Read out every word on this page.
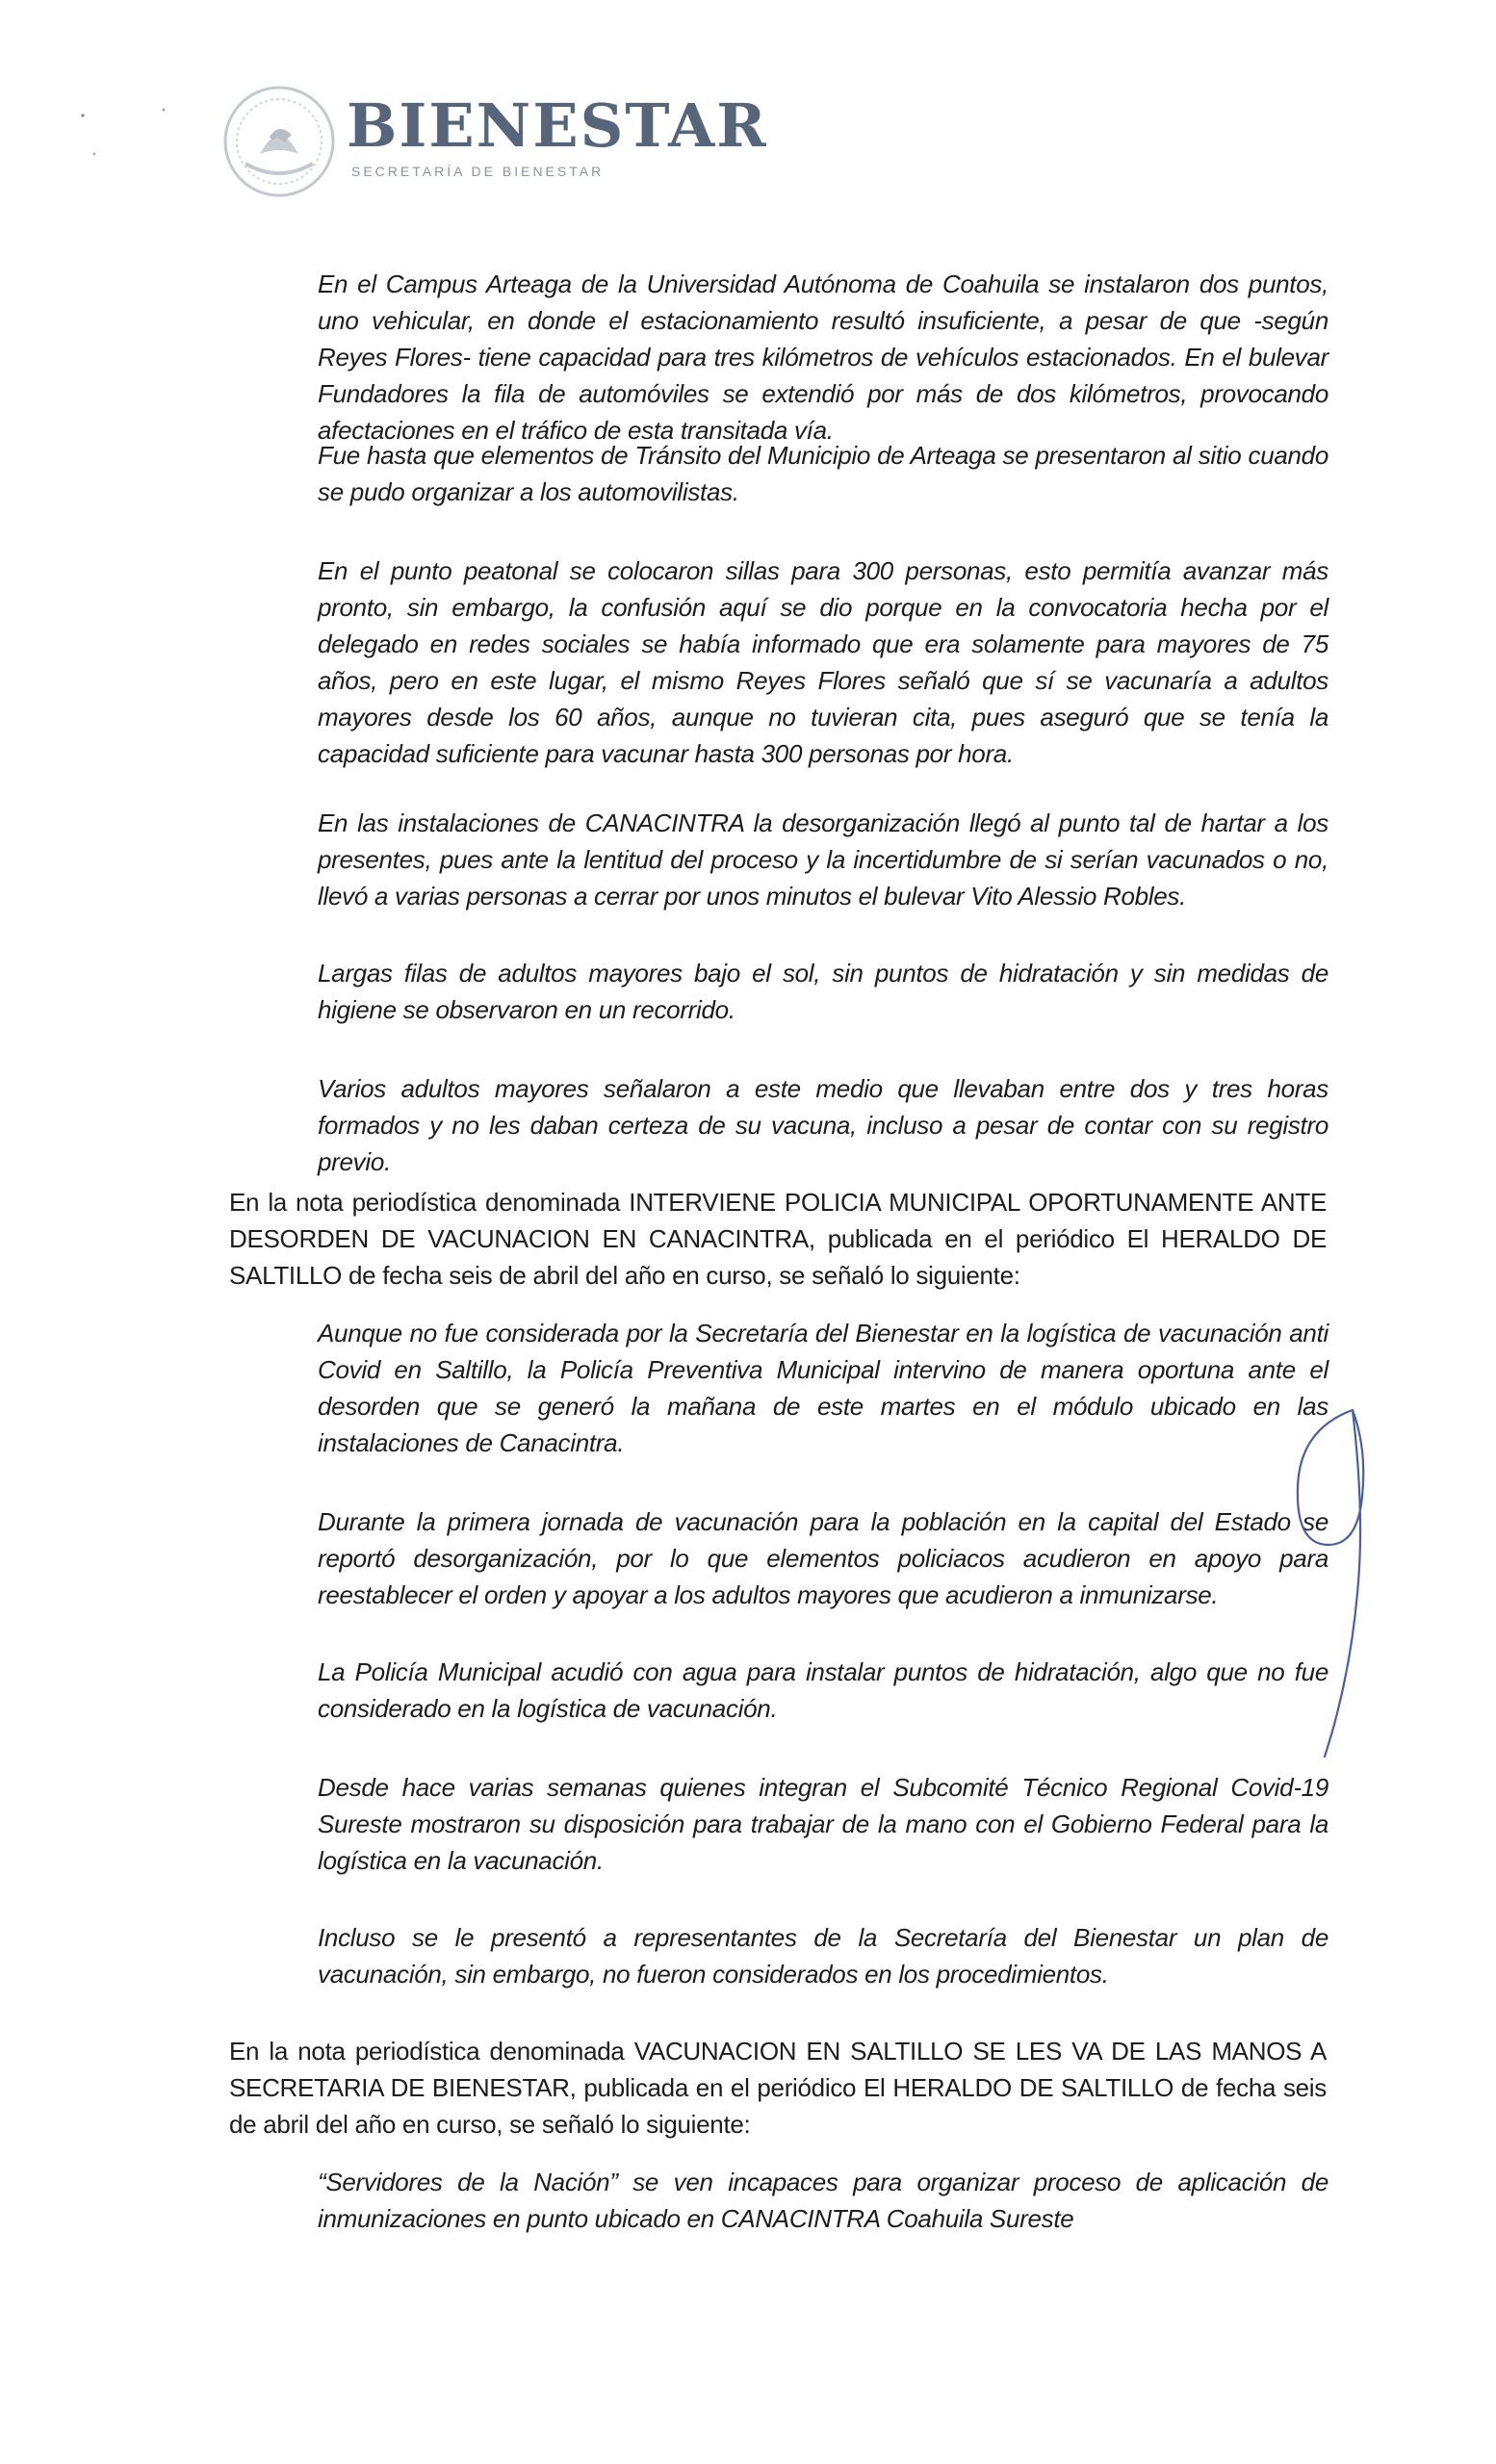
BIENESTAR
SECRETARÍA DE BIENESTAR

En el Campus Arteaga de la Universidad Autónoma de Coahuila se instalaron dos puntos, uno vehicular, en donde el estacionamiento resultó insuficiente, a pesar de que -según Reyes Flores- tiene capacidad para tres kilómetros de vehículos estacionados. En el bulevar Fundadores la fila de automóviles se extendió por más de dos kilómetros, provocando afectaciones en el tráfico de esta transitada vía.

Fue hasta que elementos de Tránsito del Municipio de Arteaga se presentaron al sitio cuando se pudo organizar a los automovilistas.

En el punto peatonal se colocaron sillas para 300 personas, esto permitía avanzar más pronto, sin embargo, la confusión aquí se dio porque en la convocatoria hecha por el delegado en redes sociales se había informado que era solamente para mayores de 75 años, pero en este lugar, el mismo Reyes Flores señaló que sí se vacunaría a adultos mayores desde los 60 años, aunque no tuvieran cita, pues aseguró que se tenía la capacidad suficiente para vacunar hasta 300 personas por hora.

En las instalaciones de CANACINTRA la desorganización llegó al punto tal de hartar a los presentes, pues ante la lentitud del proceso y la incertidumbre de si serían vacunados o no, llevó a varias personas a cerrar por unos minutos el bulevar Vito Alessio Robles.

Largas filas de adultos mayores bajo el sol, sin puntos de hidratación y sin medidas de higiene se observaron en un recorrido.

Varios adultos mayores señalaron a este medio que llevaban entre dos y tres horas formados y no les daban certeza de su vacuna, incluso a pesar de contar con su registro previo.

En la nota periodística denominada INTERVIENE POLICIA MUNICIPAL OPORTUNAMENTE ANTE DESORDEN DE VACUNACION EN CANACINTRA, publicada en el periódico El HERALDO DE SALTILLO de fecha seis de abril del año en curso, se señaló lo siguiente:

Aunque no fue considerada por la Secretaría del Bienestar en la logística de vacunación anti Covid en Saltillo, la Policía Preventiva Municipal intervino de manera oportuna ante el desorden que se generó la mañana de este martes en el módulo ubicado en las instalaciones de Canacintra.

Durante la primera jornada de vacunación para la población en la capital del Estado se reportó desorganización, por lo que elementos policiacos acudieron en apoyo para reestablecer el orden y apoyar a los adultos mayores que acudieron a inmunizarse.

La Policía Municipal acudió con agua para instalar puntos de hidratación, algo que no fue considerado en la logística de vacunación.

Desde hace varias semanas quienes integran el Subcomité Técnico Regional Covid-19 Sureste mostraron su disposición para trabajar de la mano con el Gobierno Federal para la logística en la vacunación.

Incluso se le presentó a representantes de la Secretaría del Bienestar un plan de vacunación, sin embargo, no fueron considerados en los procedimientos.

En la nota periodística denominada VACUNACION EN SALTILLO SE LES VA DE LAS MANOS A SECRETARIA DE BIENESTAR, publicada en el periódico El HERALDO DE SALTILLO de fecha seis de abril del año en curso, se señaló lo siguiente:

“Servidores de la Nación” se ven incapaces para organizar proceso de aplicación de inmunizaciones en punto ubicado en CANACINTRA Coahuila Sureste
